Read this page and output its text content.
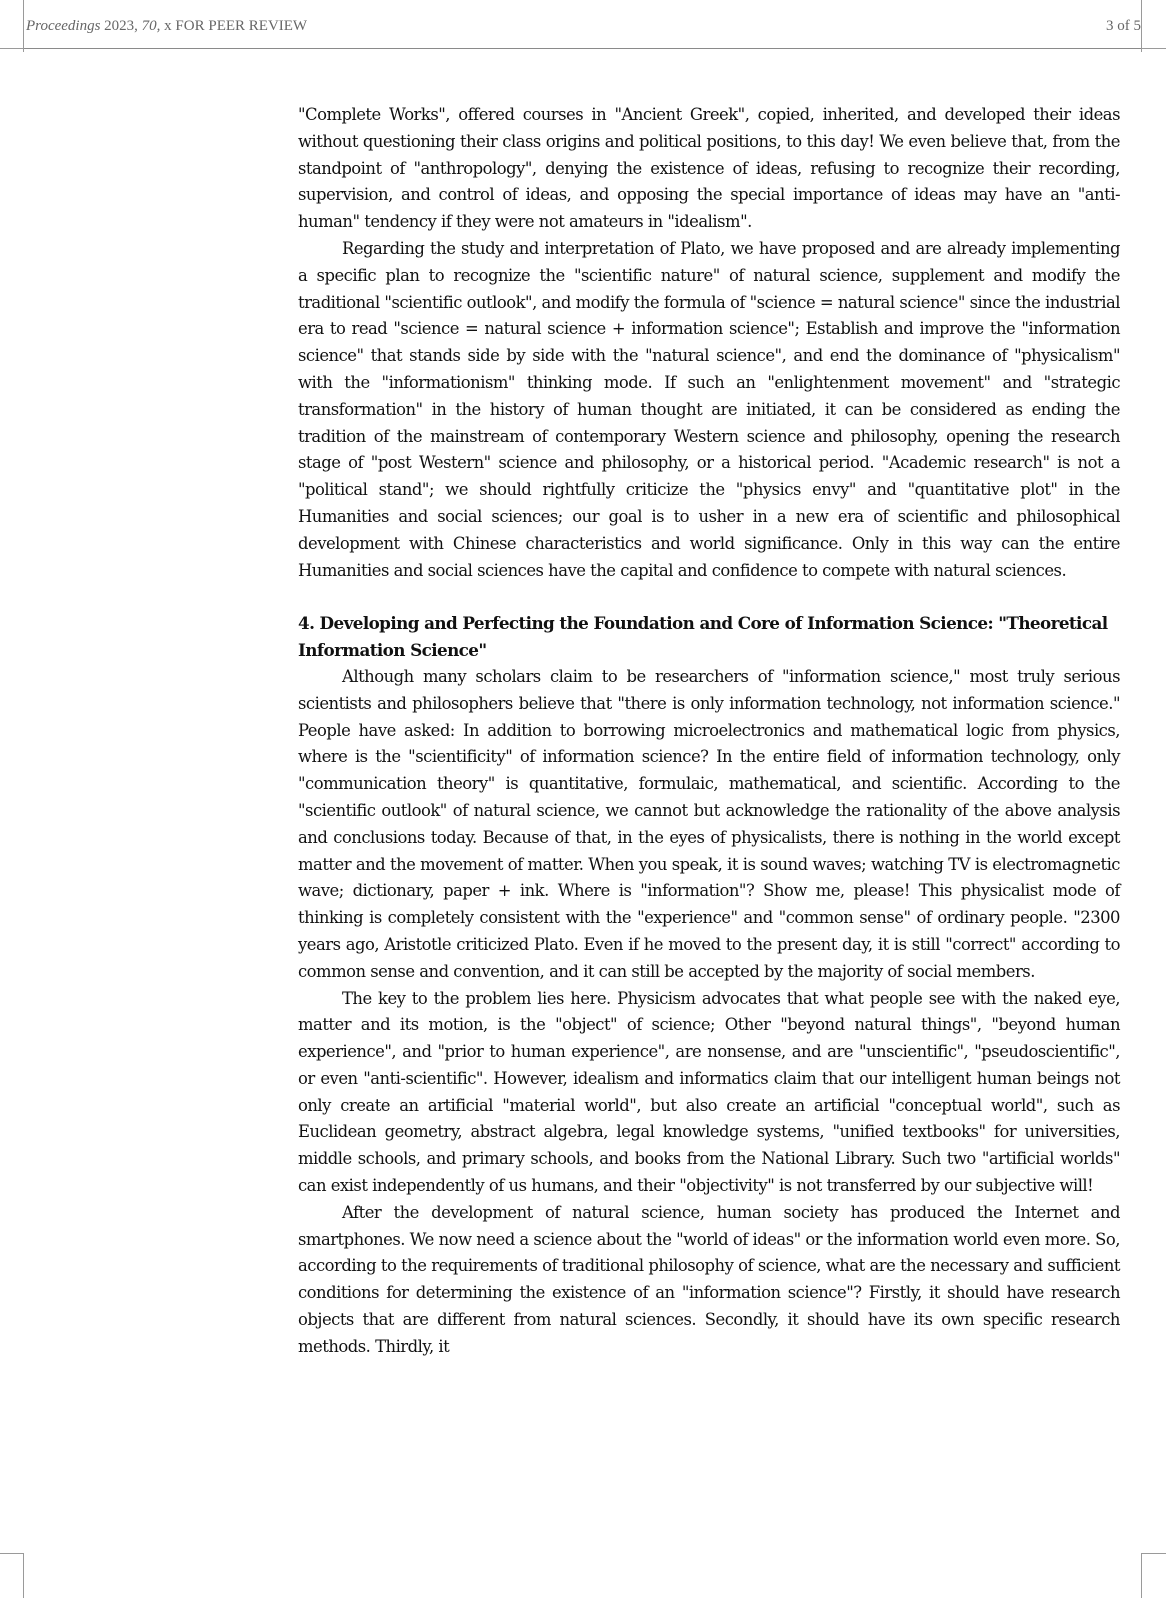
Proceedings 2023, 70, x FOR PEER REVIEW	3 of 5

"Complete Works", offered courses in "Ancient Greek", copied, inherited, and developed their ideas without questioning their class origins and political positions, to this day! We even believe that, from the standpoint of "anthropology", denying the existence of ideas, refusing to recognize their recording, supervision, and control of ideas, and opposing the special importance of ideas may have an "anti-human" tendency if they were not amateurs in "idealism".

Regarding the study and interpretation of Plato, we have proposed and are already implementing a specific plan to recognize the "scientific nature" of natural science, supplement and modify the traditional "scientific outlook", and modify the formula of "science = natural science" since the industrial era to read "science = natural science + information science"; Establish and improve the "information science" that stands side by side with the "natural science", and end the dominance of "physicalism" with the "informationism" thinking mode. If such an "enlightenment movement" and "strategic transformation" in the history of human thought are initiated, it can be considered as ending the tradition of the mainstream of contemporary Western science and philosophy, opening the research stage of "post Western" science and philosophy, or a historical period. "Academic research" is not a "political stand"; we should rightfully criticize the "physics envy" and "quantitative plot" in the Humanities and social sciences; our goal is to usher in a new era of scientific and philosophical development with Chinese characteristics and world significance. Only in this way can the entire Humanities and social sciences have the capital and confidence to compete with natural sciences.

4. Developing and Perfecting the Foundation and Core of Information Science: "Theoretical Information Science"

Although many scholars claim to be researchers of "information science," most truly serious scientists and philosophers believe that "there is only information technology, not information science." People have asked: In addition to borrowing microelectronics and mathematical logic from physics, where is the "scientificity" of information science? In the entire field of information technology, only "communication theory" is quantitative, formulaic, mathematical, and scientific. According to the "scientific outlook" of natural science, we cannot but acknowledge the rationality of the above analysis and conclusions today. Because of that, in the eyes of physicalists, there is nothing in the world except matter and the movement of matter. When you speak, it is sound waves; watching TV is electromagnetic wave; dictionary, paper + ink. Where is "information"? Show me, please! This physicalist mode of thinking is completely consistent with the "experience" and "common sense" of ordinary people. "2300 years ago, Aristotle criticized Plato. Even if he moved to the present day, it is still "correct" according to common sense and convention, and it can still be accepted by the majority of social members.

The key to the problem lies here. Physicism advocates that what people see with the naked eye, matter and its motion, is the "object" of science; Other "beyond natural things", "beyond human experience", and "prior to human experience", are nonsense, and are "unscientific", "pseudoscientific", or even "anti-scientific". However, idealism and informatics claim that our intelligent human beings not only create an artificial "material world", but also create an artificial "conceptual world", such as Euclidean geometry, abstract algebra, legal knowledge systems, "unified textbooks" for universities, middle schools, and primary schools, and books from the National Library. Such two "artificial worlds" can exist independently of us humans, and their "objectivity" is not transferred by our subjective will!

After the development of natural science, human society has produced the Internet and smartphones. We now need a science about the "world of ideas" or the information world even more. So, according to the requirements of traditional philosophy of science, what are the necessary and sufficient conditions for determining the existence of an "information science"? Firstly, it should have research objects that are different from natural sciences. Secondly, it should have its own specific research methods. Thirdly, it
